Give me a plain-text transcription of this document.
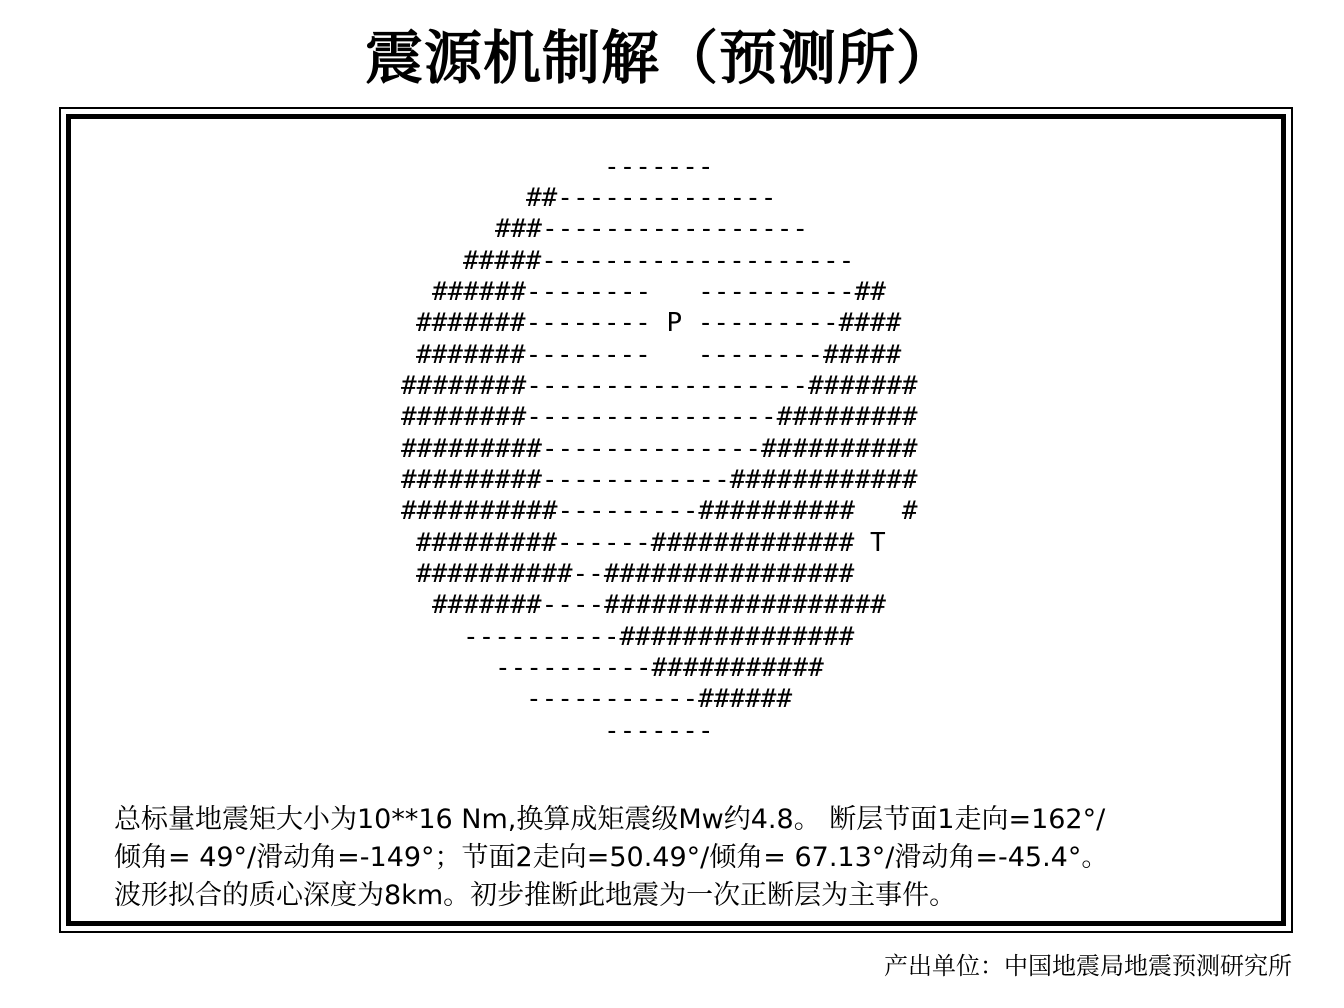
震源机制解（预测所）
-------
##--------------
###-----------------
#####--------------------
######--------   ----------##
#######-------- P ---------####
#######--------   --------#####
########------------------#######
########----------------#########
#########--------------##########
#########------------############
##########---------##########   #
#########------############# T
##########--################
#######----##################
----------###############
----------###########
-----------######
-------
总标量地震矩大小为10**16 Nm,换算成矩震级Mw约4.8。 断层节面1走向=162°/
倾角= 49°/滑动角=-149°；节面2走向=50.49°/倾角= 67.13°/滑动角=-45.4°。
波形拟合的质心深度为8km。初步推断此地震为一次正断层为主事件。
产出单位：中国地震局地震预测研究所
